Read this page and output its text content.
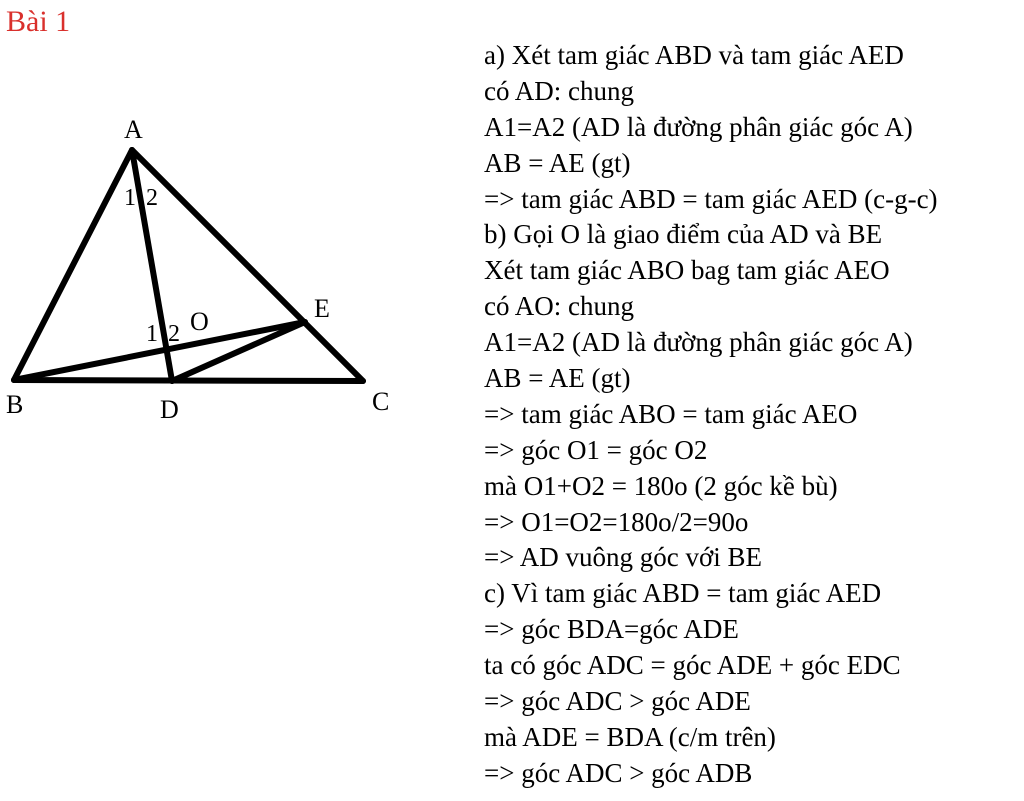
Bài 1
A
B	C
D
E
O
1 2
1 2
a) Xét tam giác ABD và tam giác AED
có AD: chung
A1=A2 (AD là đường phân giác góc A)
AB = AE (gt)
=> tam giác ABD = tam giác AED (c-g-c)
b) Gọi O là giao điểm của AD và BE
Xét tam giác ABO bag tam giác AEO
có AO: chung
A1=A2 (AD là đường phân giác góc A)
AB = AE (gt)
=> tam giác ABO = tam giác AEO
=> góc O1 = góc O2
mà O1+O2 = 180o (2 góc kề bù)
=> O1=O2=180o/2=90o
=> AD vuông góc với BE
c) Vì tam giác ABD = tam giác AED
=> góc BDA=góc ADE
ta có góc ADC = góc ADE + góc EDC
=> góc ADC > góc ADE
mà ADE = BDA (c/m trên)
=> góc ADC > góc ADB
